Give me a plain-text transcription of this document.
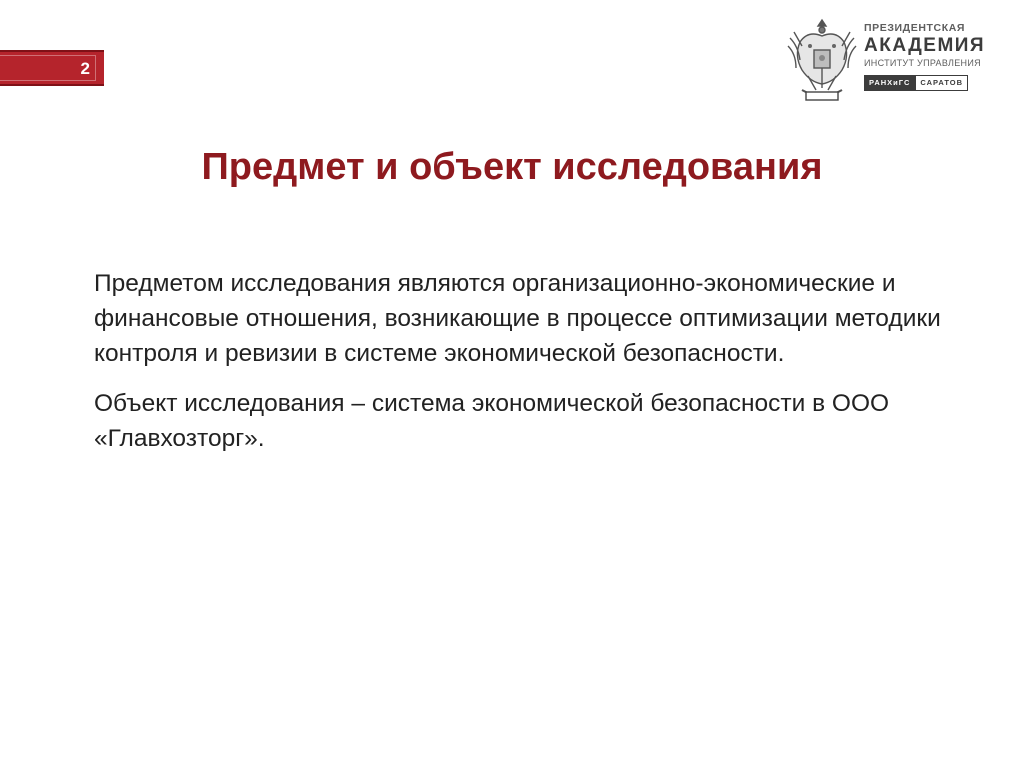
2
ПРЕЗИДЕНТСКАЯ
АКАДЕМИЯ
ИНСТИТУТ УПРАВЛЕНИЯ
РАНХиГС	САРАТОВ
Предмет и объект исследования

Предметом исследования являются организационно-экономические и финансовые отношения, возникающие в процессе оптимизации методики контроля и ревизии в системе экономической безопасности.

Объект исследования – система экономической безопасности в ООО «Главхозторг».
